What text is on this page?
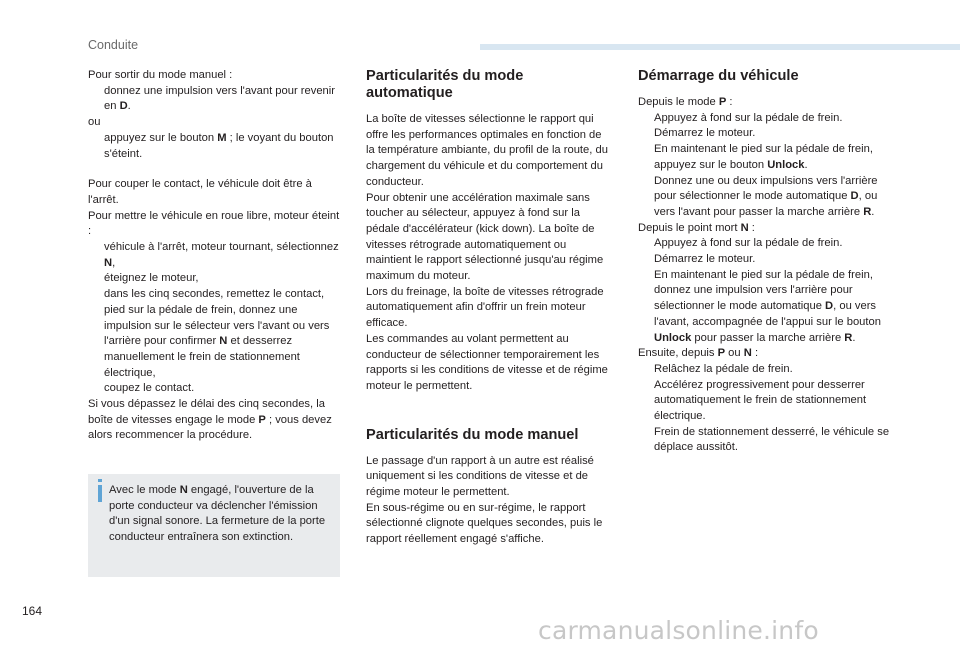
Conduite

Pour sortir du mode manuel :

donnez une impulsion vers l'avant pour revenir en D.

ou

appuyez sur le bouton M ; le voyant du bouton s'éteint.

Pour couper le contact, le véhicule doit être à l'arrêt.

Pour mettre le véhicule en roue libre, moteur éteint :

véhicule à l'arrêt, moteur tournant, sélectionnez N,
éteignez le moteur,
dans les cinq secondes, remettez le contact,
pied sur la pédale de frein, donnez une impulsion sur le sélecteur vers l'avant ou vers l'arrière pour confirmer N et desserrez manuellement le frein de stationnement électrique,
coupez le contact.

Si vous dépassez le délai des cinq secondes, la boîte de vitesses engage le mode P ; vous devez alors recommencer la procédure.

Avec le mode N engagé, l'ouverture de la porte conducteur va déclencher l'émission d'un signal sonore. La fermeture de la porte conducteur entraînera son extinction.
Particularités du mode automatique

La boîte de vitesses sélectionne le rapport qui offre les performances optimales en fonction de la température ambiante, du profil de la route, du chargement du véhicule et du comportement du conducteur.

Pour obtenir une accélération maximale sans toucher au sélecteur, appuyez à fond sur la pédale d'accélérateur (kick down). La boîte de vitesses rétrograde automatiquement ou maintient le rapport sélectionné jusqu'au régime maximum du moteur.

Lors du freinage, la boîte de vitesses rétrograde automatiquement afin d'offrir un frein moteur efficace.

Les commandes au volant permettent au conducteur de sélectionner temporairement les rapports si les conditions de vitesse et de régime moteur le permettent.

Particularités du mode manuel

Le passage d'un rapport à un autre est réalisé uniquement si les conditions de vitesse et de régime moteur le permettent.

En sous-régime ou en sur-régime, le rapport sélectionné clignote quelques secondes, puis le rapport réellement engagé s'affiche.

Démarrage du véhicule

Depuis le mode P :

Appuyez à fond sur la pédale de frein.
Démarrez le moteur.
En maintenant le pied sur la pédale de frein, appuyez sur le bouton Unlock.
Donnez une ou deux impulsions vers l'arrière pour sélectionner le mode automatique D, ou vers l'avant pour passer la marche arrière R.

Depuis le point mort N :

Appuyez à fond sur la pédale de frein.
Démarrez le moteur.
En maintenant le pied sur la pédale de frein, donnez une impulsion vers l'arrière pour sélectionner le mode automatique D, ou vers l'avant, accompagnée de l'appui sur le bouton Unlock pour passer la marche arrière R.

Ensuite, depuis P ou N :

Relâchez la pédale de frein.
Accélérez progressivement pour desserrer automatiquement le frein de stationnement électrique.
Frein de stationnement desserré, le véhicule se déplace aussitôt.
164
carmanualsonline.info
